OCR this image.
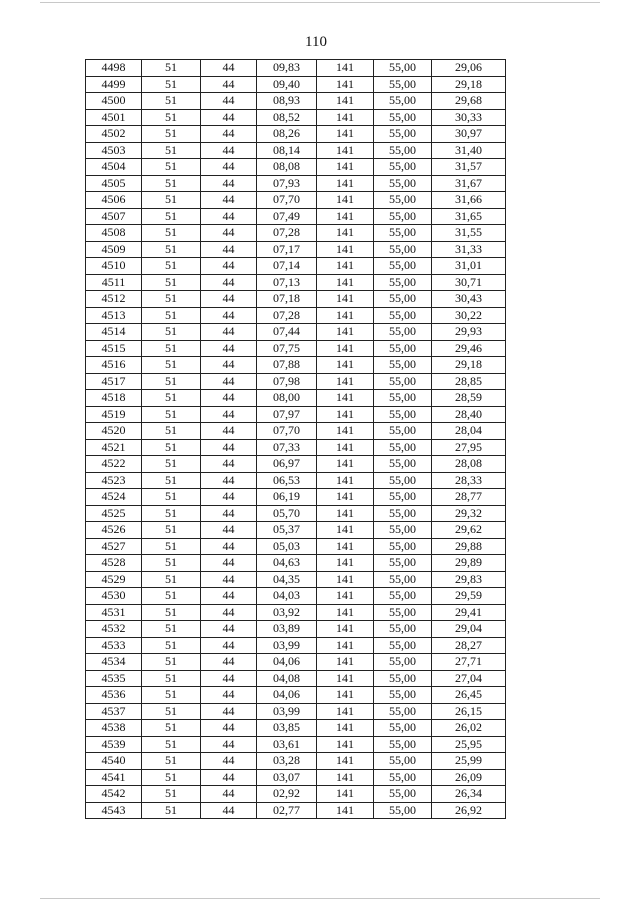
110
4498	51	44	09,83	141	55,00	29,06
4499	51	44	09,40	141	55,00	29,18
4500	51	44	08,93	141	55,00	29,68
4501	51	44	08,52	141	55,00	30,33
4502	51	44	08,26	141	55,00	30,97
4503	51	44	08,14	141	55,00	31,40
4504	51	44	08,08	141	55,00	31,57
4505	51	44	07,93	141	55,00	31,67
4506	51	44	07,70	141	55,00	31,66
4507	51	44	07,49	141	55,00	31,65
4508	51	44	07,28	141	55,00	31,55
4509	51	44	07,17	141	55,00	31,33
4510	51	44	07,14	141	55,00	31,01
4511	51	44	07,13	141	55,00	30,71
4512	51	44	07,18	141	55,00	30,43
4513	51	44	07,28	141	55,00	30,22
4514	51	44	07,44	141	55,00	29,93
4515	51	44	07,75	141	55,00	29,46
4516	51	44	07,88	141	55,00	29,18
4517	51	44	07,98	141	55,00	28,85
4518	51	44	08,00	141	55,00	28,59
4519	51	44	07,97	141	55,00	28,40
4520	51	44	07,70	141	55,00	28,04
4521	51	44	07,33	141	55,00	27,95
4522	51	44	06,97	141	55,00	28,08
4523	51	44	06,53	141	55,00	28,33
4524	51	44	06,19	141	55,00	28,77
4525	51	44	05,70	141	55,00	29,32
4526	51	44	05,37	141	55,00	29,62
4527	51	44	05,03	141	55,00	29,88
4528	51	44	04,63	141	55,00	29,89
4529	51	44	04,35	141	55,00	29,83
4530	51	44	04,03	141	55,00	29,59
4531	51	44	03,92	141	55,00	29,41
4532	51	44	03,89	141	55,00	29,04
4533	51	44	03,99	141	55,00	28,27
4534	51	44	04,06	141	55,00	27,71
4535	51	44	04,08	141	55,00	27,04
4536	51	44	04,06	141	55,00	26,45
4537	51	44	03,99	141	55,00	26,15
4538	51	44	03,85	141	55,00	26,02
4539	51	44	03,61	141	55,00	25,95
4540	51	44	03,28	141	55,00	25,99
4541	51	44	03,07	141	55,00	26,09
4542	51	44	02,92	141	55,00	26,34
4543	51	44	02,77	141	55,00	26,92
